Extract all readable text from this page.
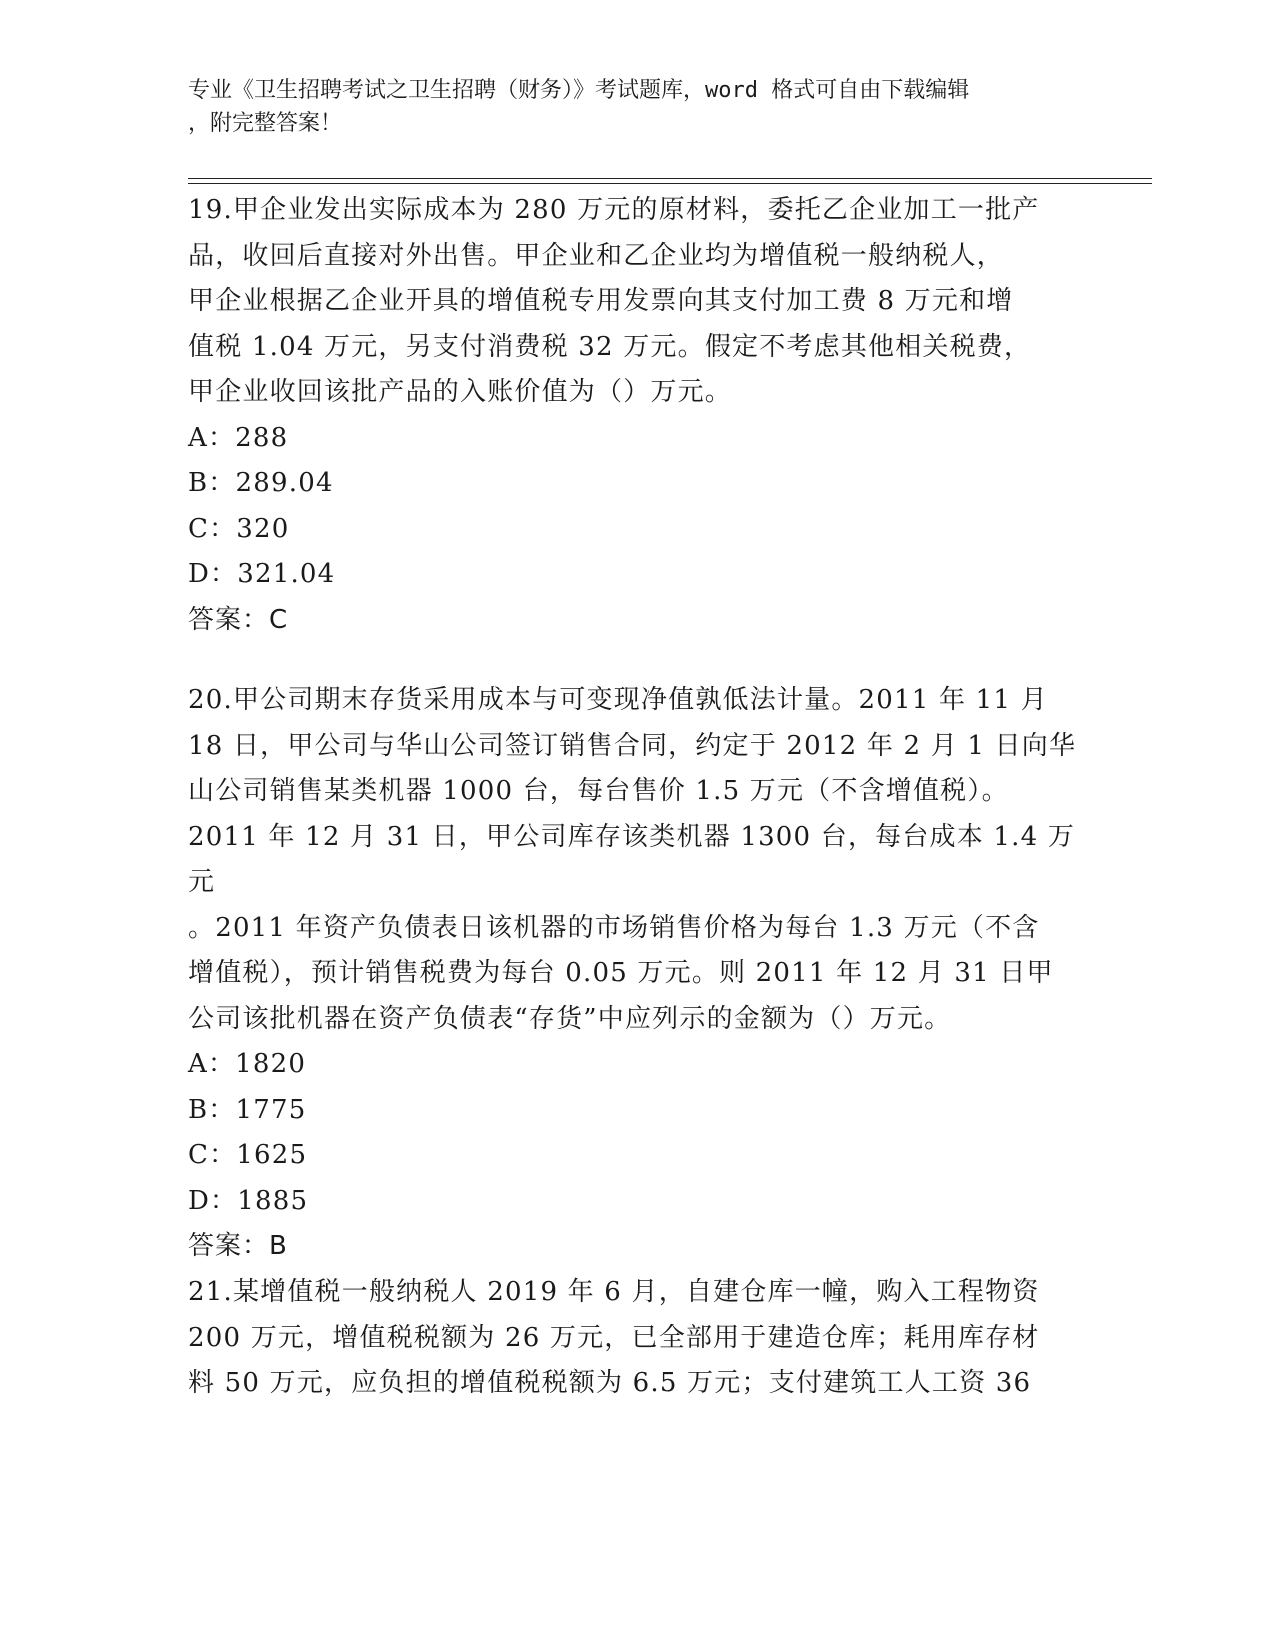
专业《卫生招聘考试之卫生招聘（财务）》考试题库，word 格式可自由下载编辑
，附完整答案！
19.甲企业发出实际成本为 280 万元的原材料，委托乙企业加工一批产
品，收回后直接对外出售。甲企业和乙企业均为增值税一般纳税人，
甲企业根据乙企业开具的增值税专用发票向其支付加工费 8 万元和增
值税 1.04 万元，另支付消费税 32 万元。假定不考虑其他相关税费，
甲企业收回该批产品的入账价值为（）万元。
A：288
B：289.04
C：320
D：321.04
答案：C
20.甲公司期末存货采用成本与可变现净值孰低法计量。2011 年 11 月
18 日，甲公司与华山公司签订销售合同，约定于 2012 年 2 月 1 日向华
山公司销售某类机器 1000 台，每台售价 1.5 万元（不含增值税）。
2011 年 12 月 31 日，甲公司库存该类机器 1300 台，每台成本 1.4 万元
。2011 年资产负债表日该机器的市场销售价格为每台 1.3 万元（不含
增值税），预计销售税费为每台 0.05 万元。则 2011 年 12 月 31 日甲
公司该批机器在资产负债表“存货”中应列示的金额为（）万元。
A：1820
B：1775
C：1625
D：1885
答案：B
21.某增值税一般纳税人 2019 年 6 月，自建仓库一幢，购入工程物资
200 万元，增值税税额为 26 万元，已全部用于建造仓库；耗用库存材
料 50 万元，应负担的增值税税额为 6.5 万元；支付建筑工人工资 36
